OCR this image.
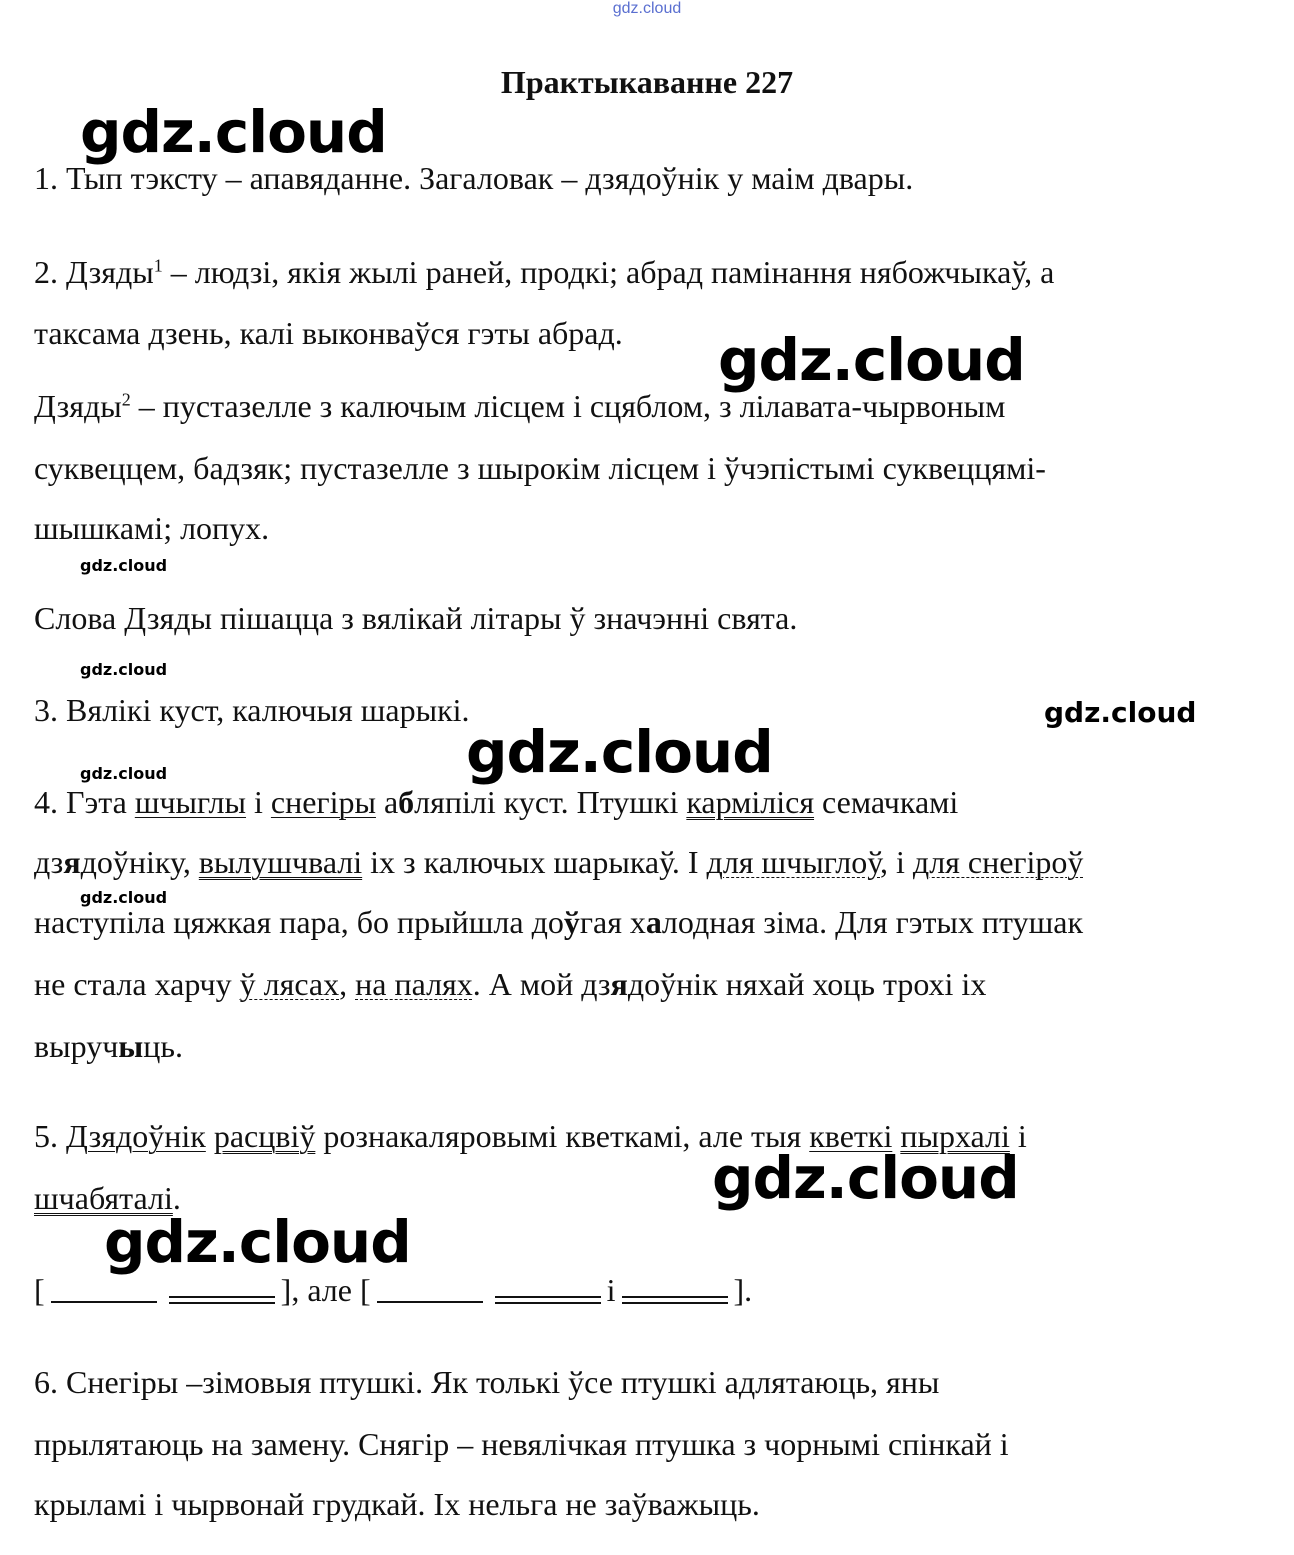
gdz.cloud
Практыкаванне 227
gdz.cloud
1. Тып тэксту – апавяданне. Загаловак – дзядоўнік у маім двары.
2. Дзяды$^1$ – людзі, якія жылі раней, продкі; абрад памінання нябожчыкаў, а
таксама дзень, калі выконваўся гэты абрад. gdz.cloud
Дзяды$^2$ – пустазелле з калючым лісцем і сцяблом, з лілавата-чырвоным
суквеццем, бадзяк; пустазелле з шырокім лісцем і ўчэпістымі суквеццямі-
шышкамі; лопух.
gdz.cloud
Слова Дзяды пішацца з вялікай літары ў значэнні свята.
gdz.cloud
3. Вялікі куст, калючыя шарыкі.	gdz.cloud
gdz.cloud
gdz.cloud
4. Гэта шчыглы і снегіры абляпілі куст. Птушкі карміліся семачкамі
дзядоўніку, вылушчвалі іх з калючых шарыкаў. І для шчыглоў, і для снегіроў
gdz.cloud
наступіла цяжкая пара, бо прыйшла доўгая халодная зіма. Для гэтых птушак
не стала харчу ў лясах, на палях. А мой дзядоўнік няхай хоць трохі іх
выручыць.
5. Дзядоўнік расцвіў рознакаляровымі кветкамі, але тыя кветкі пырхалі і
gdz.cloud
шчабяталі.
gdz.cloud
[	], але [	і	].
6. Снегіры –зімовыя птушкі. Як толькі ўсе птушкі адлятаюць, яны
прылятаюць на замену. Снягір – невялічкая птушка з чорнымі спінкай і
крыламі і чырвонай грудкай. Іх нельга не заўважыць.
